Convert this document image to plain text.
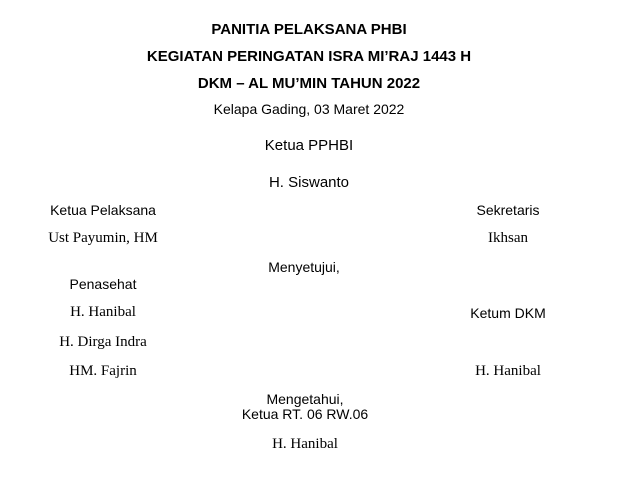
PANITIA PELAKSANA PHBI
KEGIATAN PERINGATAN ISRA MI’RAJ 1443 H
DKM – AL MU’MIN TAHUN 2022
Kelapa Gading, 03 Maret 2022
Ketua PPHBI
H. Siswanto
Ketua Pelaksana
Ust Payumin, HM
Sekretaris
Ikhsan
Menyetujui,
Penasehat
H. Hanibal
H. Dirga Indra
HM. Fajrin
Ketum DKM
H. Hanibal
Mengetahui,
Ketua RT. 06 RW.06
H. Hanibal
